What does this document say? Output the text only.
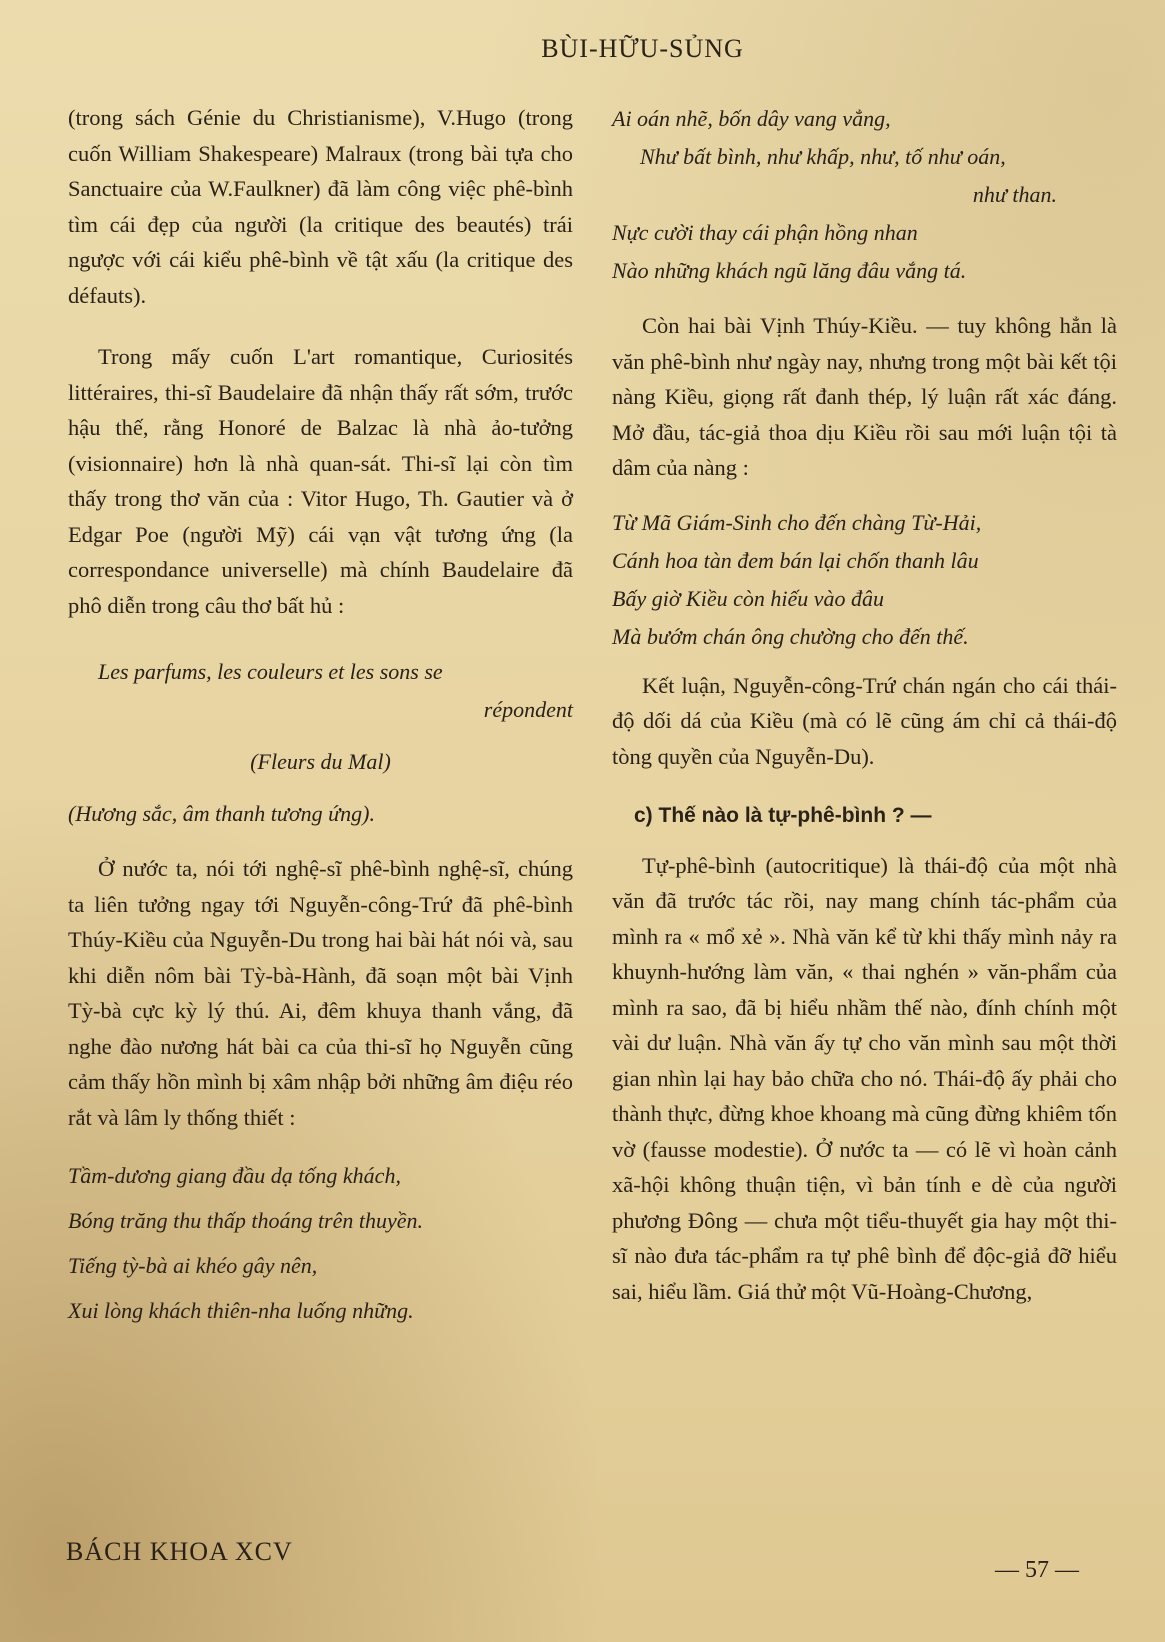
BÙI-HỮU-SỦNG

(trong sách Génie du Christianisme), V.Hugo (trong cuốn William Shakespeare) Malraux (trong bài tựa cho Sanctuaire của W.Faulkner) đã làm công việc phê-bình tìm cái đẹp của người (la critique des beautés) trái ngược với cái kiểu phê-bình về tật xấu (la critique des défauts).

Trong mấy cuốn L'art romantique, Curiosités littéraires, thi-sĩ Baudelaire đã nhận thấy rất sớm, trước hậu thế, rằng Honoré de Balzac là nhà ảo-tưởng (visionnaire) hơn là nhà quan-sát. Thi-sĩ lại còn tìm thấy trong thơ văn của : Vitor Hugo, Th. Gautier và ở Edgar Poe (người Mỹ) cái vạn vật tương ứng (la correspondance universelle) mà chính Baudelaire đã phô diễn trong câu thơ bất hủ :

Les parfums, les couleurs et les sons se
répondent
(Fleurs du Mal)
(Hương sắc, âm thanh tương ứng).

Ở nước ta, nói tới nghệ-sĩ phê-bình nghệ-sĩ, chúng ta liên tưởng ngay tới Nguyễn-công-Trứ đã phê-bình Thúy-Kiều của Nguyễn-Du trong hai bài hát nói và, sau khi diễn nôm bài Tỳ-bà-Hành, đã soạn một bài Vịnh Tỳ-bà cực kỳ lý thú. Ai, đêm khuya thanh vắng, đã nghe đào nương hát bài ca của thi-sĩ họ Nguyễn cũng cảm thấy hồn mình bị xâm nhập bởi những âm điệu réo rắt và lâm ly thống thiết :

Tầm-dương giang đầu dạ tống khách,
Bóng trăng thu thấp thoáng trên thuyền.
Tiếng tỳ-bà ai khéo gây nên,
Xui lòng khách thiên-nha luống những.
Ai oán nhẽ, bốn dây vang vẳng,
Như bất bình, như khấp, như, tố như oán,
như than.
Nực cười thay cái phận hồng nhan
Nào những khách ngũ lăng đâu vắng tá.

Còn hai bài Vịnh Thúy-Kiều. — tuy không hẳn là văn phê-bình như ngày nay, nhưng trong một bài kết tội nàng Kiều, giọng rất đanh thép, lý luận rất xác đáng. Mở đầu, tác-giả thoa dịu Kiều rồi sau mới luận tội tà dâm của nàng :

Từ Mã Giám-Sinh cho đến chàng Từ-Hải,
Cánh hoa tàn đem bán lại chốn thanh lâu
Bấy giờ Kiều còn hiếu vào đâu
Mà bướm chán ông chường cho đến thế.

Kết luận, Nguyễn-công-Trứ chán ngán cho cái thái-độ dối dá của Kiều (mà có lẽ cũng ám chỉ cả thái-độ tòng quyền của Nguyễn-Du).

c) Thế nào là tự-phê-bình ? —

Tự-phê-bình (autocritique) là thái-độ của một nhà văn đã trước tác rồi, nay mang chính tác-phẩm của mình ra « mổ xẻ ». Nhà văn kể từ khi thấy mình nảy ra khuynh-hướng làm văn, « thai nghén » văn-phẩm của mình ra sao, đã bị hiểu nhầm thế nào, đính chính một vài dư luận. Nhà văn ấy tự cho văn mình sau một thời gian nhìn lại hay bảo chữa cho nó. Thái-độ ấy phải cho thành thực, đừng khoe khoang mà cũng đừng khiêm tốn vờ (fausse modestie). Ở nước ta — có lẽ vì hoàn cảnh xã-hội không thuận tiện, vì bản tính e dè của người phương Đông — chưa một tiểu-thuyết gia hay một thi-sĩ nào đưa tác-phẩm ra tự phê bình để độc-giả đỡ hiểu sai, hiểu lầm. Giá thử một Vũ-Hoàng-Chương,

BÁCH KHOA XCV
— 57 —
